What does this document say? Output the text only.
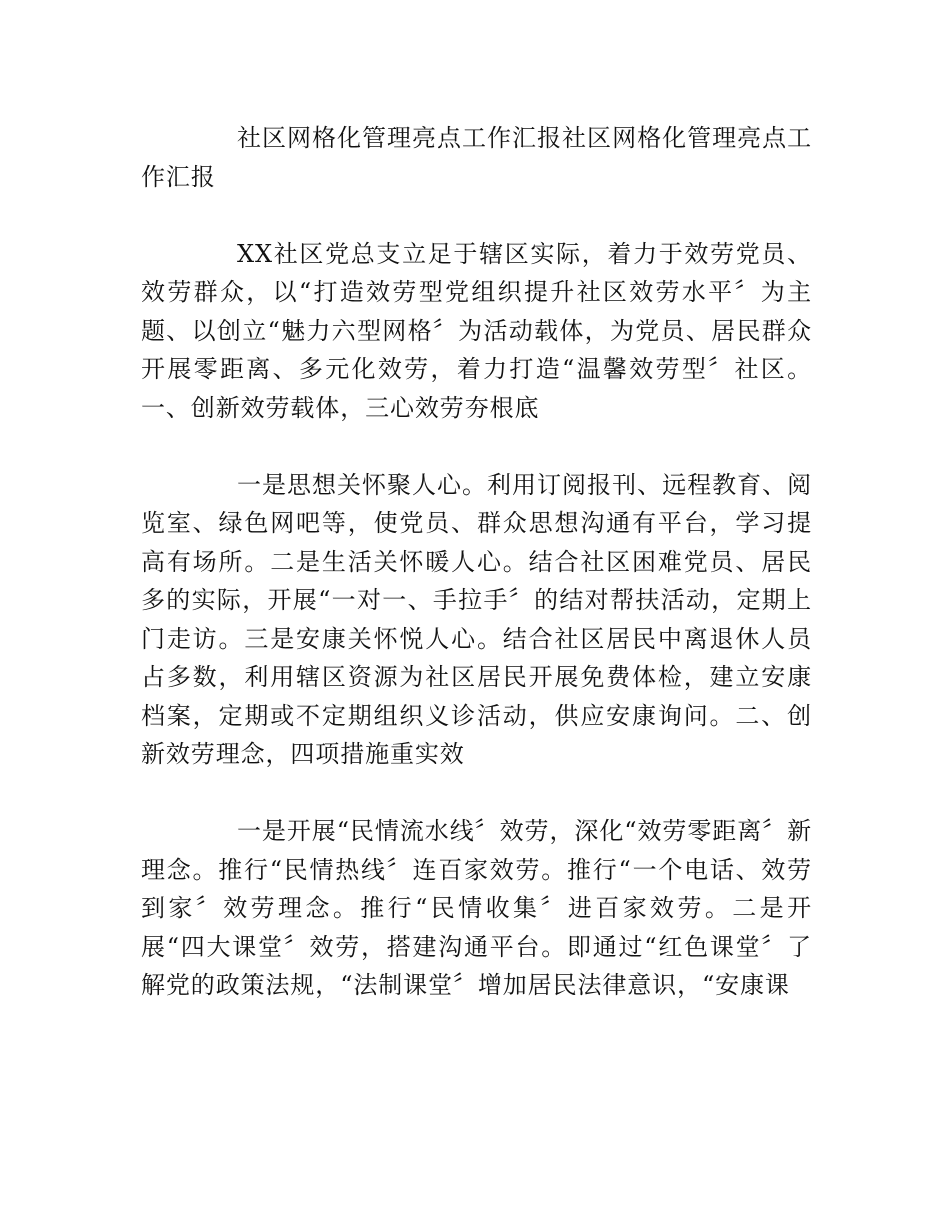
社区网格化管理亮点工作汇报社区网格化管理亮点工作汇报

XX社区党总支立足于辖区实际，着力于效劳党员、效劳群众，以“打造效劳型党组织提升社区效劳水平〞为主题、以创立“魅力六型网格〞为活动载体，为党员、居民群众开展零距离、多元化效劳，着力打造“温馨效劳型〞社区。一、创新效劳载体，三心效劳夯根底

一是思想关怀聚人心。利用订阅报刊、远程教育、阅览室、绿色网吧等，使党员、群众思想沟通有平台，学习提高有场所。二是生活关怀暖人心。结合社区困难党员、居民多的实际，开展“一对一、手拉手〞的结对帮扶活动，定期上门走访。三是安康关怀悦人心。结合社区居民中离退休人员占多数，利用辖区资源为社区居民开展免费体检，建立安康档案，定期或不定期组织义诊活动，供应安康询问。二、创新效劳理念，四项措施重实效

一是开展“民情流水线〞效劳，深化“效劳零距离〞新理念。推行“民情热线〞连百家效劳。推行“一个电话、效劳到家〞效劳理念。推行“民情收集〞进百家效劳。二是开展“四大课堂〞效劳，搭建沟通平台。即通过“红色课堂〞了解党的政策法规，“法制课堂〞增加居民法律意识，“安康课
